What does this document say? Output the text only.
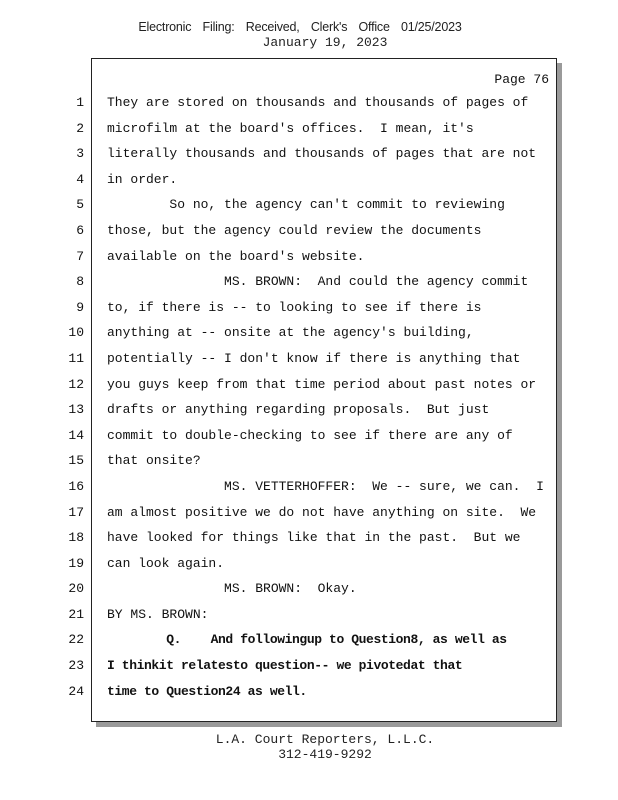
Electronic Filing: Received, Clerk's Office 01/25/2023
January 19, 2023
Page 76
1
2
3
4
5
6
7
8
9
10
11
12
13
14
15
16
17
18
19
20
21
22
23
24
They are stored on thousands and thousands of pages of
microfilm at the board's offices.  I mean, it's
literally thousands and thousands of pages that are not
in order.
So no, the agency can't commit to reviewing
those, but the agency could review the documents
available on the board's website.
MS. BROWN:  And could the agency commit
to, if there is -- to looking to see if there is
anything at -- onsite at the agency's building,
potentially -- I don't know if there is anything that
you guys keep from that time period about past notes or
drafts or anything regarding proposals.  But just
commit to double-checking to see if there are any of
that onsite?
MS. VETTERHOFFER:  We -- sure, we can.  I
am almost positive we do not have anything on site.  We
have looked for things like that in the past.  But we
can look again.
MS. BROWN:  Okay.
BY MS. BROWN:
Q.    And followingup to Question8, as well as
I thinkit relatesto question-- we pivotedat that
time to Question24 as well.
L.A. Court Reporters, L.L.C.
312-419-9292
